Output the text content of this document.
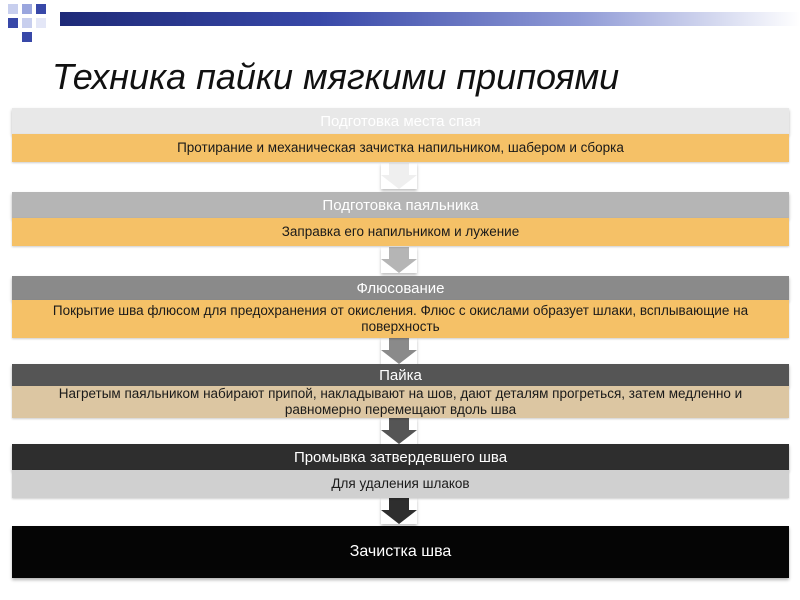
Техника пайки мягкими припоями
Подготовка места спая
Протирание и механическая зачистка напильником, шабером и сборка
Подготовка паяльника
Заправка его напильником и лужение
Флюсование
Покрытие шва флюсом для предохранения от окисления. Флюс с окислами образует шлаки, всплывающие на поверхность
Пайка
Нагретым паяльником набирают припой, накладывают на шов, дают деталям прогреться, затем медленно и равномерно перемещают вдоль шва
Промывка затвердевшего шва
Для удаления шлаков
Зачистка шва
